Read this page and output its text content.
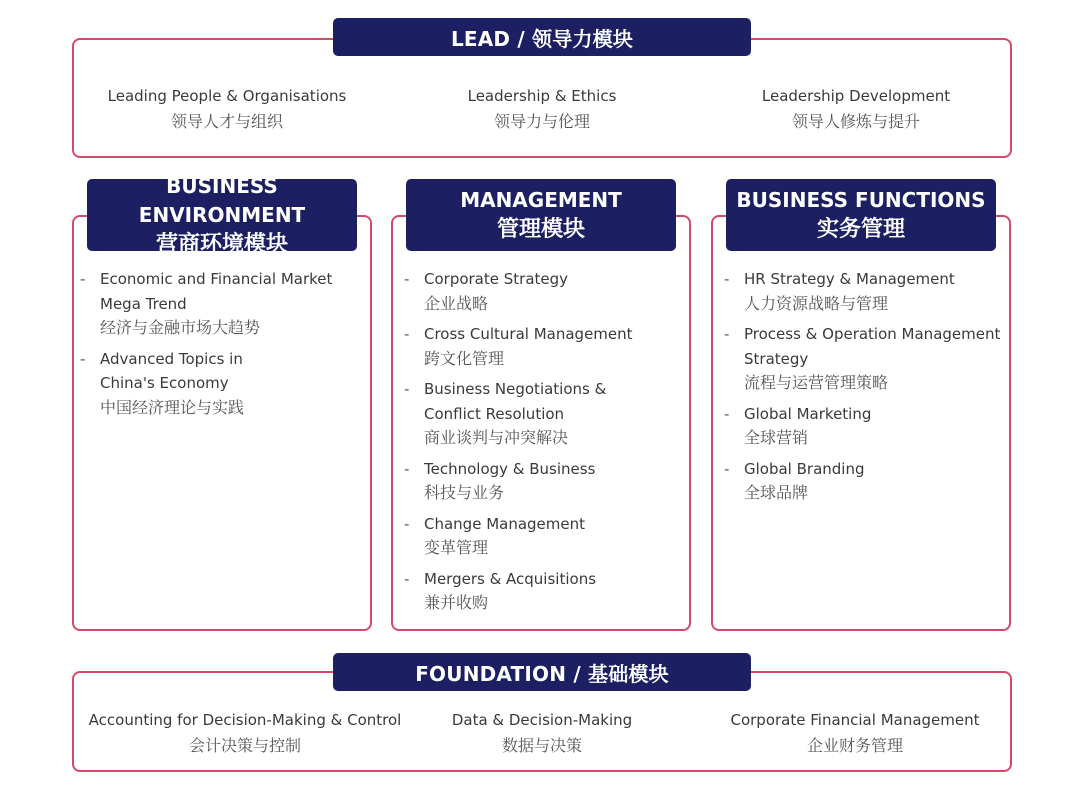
LEAD / 领导力模块
Leading People & Organisations
领导人才与组织
Leadership & Ethics
领导力与伦理
Leadership Development
领导人修炼与提升
BUSINESS ENVIRONMENT
营商环境模块
- Economic and Financial Market
Mega Trend
经济与金融市场大趋势
- Advanced Topics in
China's Economy
中国经济理论与实践
MANAGEMENT
管理模块
- Corporate Strategy
企业战略
- Cross Cultural Management
跨文化管理
- Business Negotiations &
Conflict Resolution
商业谈判与冲突解决
- Technology & Business
科技与业务
- Change Management
变革管理
- Mergers & Acquisitions
兼并收购
BUSINESS FUNCTIONS
实务管理
- HR Strategy & Management
人力资源战略与管理
- Process & Operation Management
Strategy
流程与运营管理策略
- Global Marketing
全球营销
- Global Branding
全球品牌
FOUNDATION / 基础模块
Accounting for Decision-Making & Control
会计决策与控制
Data & Decision-Making
数据与决策
Corporate Financial Management
企业财务管理
